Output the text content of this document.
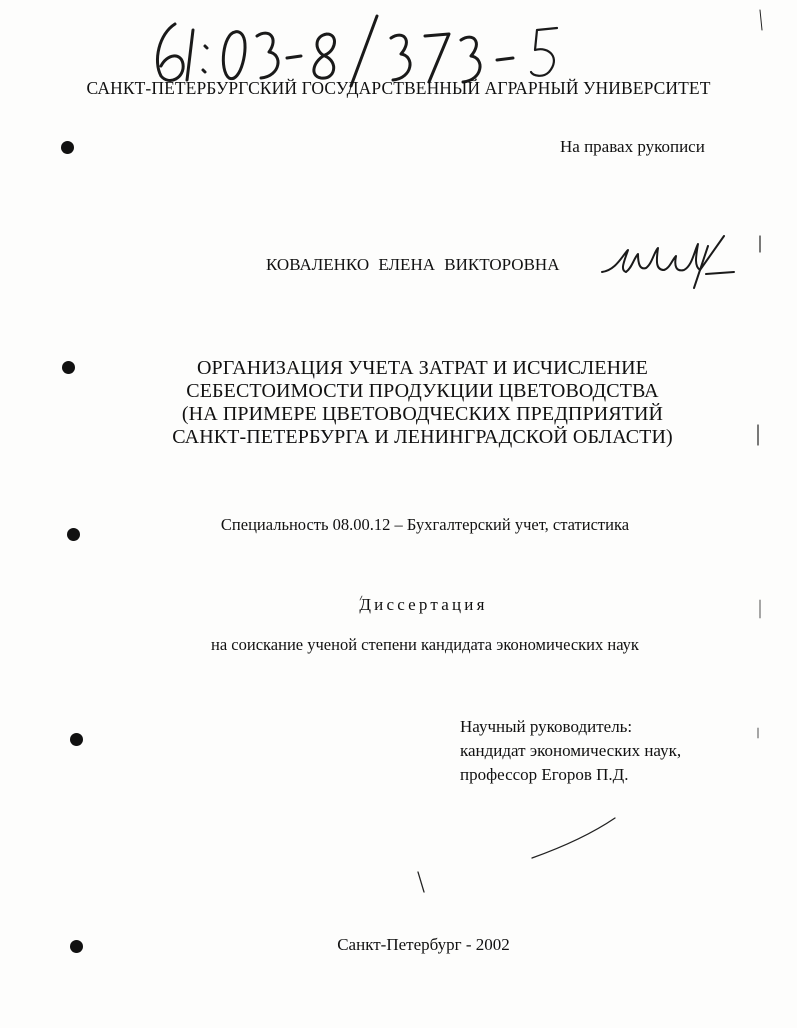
САНКТ-ПЕТЕРБУРГСКИЙ ГОСУДАРСТВЕННЫЙ АГРАРНЫЙ УНИВЕРСИТЕТ

На правах рукописи

КОВАЛЕНКО ЕЛЕНА ВИКТОРОВНА

ОРГАНИЗАЦИЯ УЧЕТА ЗАТРАТ И ИСЧИСЛЕНИЕ
СЕБЕСТОИМОСТИ ПРОДУКЦИИ ЦВЕТОВОДСТВА
(НА ПРИМЕРЕ ЦВЕТОВОДЧЕСКИХ ПРЕДПРИЯТИЙ
САНКТ-ПЕТЕРБУРГА И ЛЕНИНГРАДСКОЙ ОБЛАСТИ)

Специальность 08.00.12 – Бухгалтерский учет, статистика

Диссертация

на соискание ученой степени кандидата экономических наук

Научный руководитель:
кандидат экономических наук,
профессор Егоров П.Д.

Санкт-Петербург - 2002
